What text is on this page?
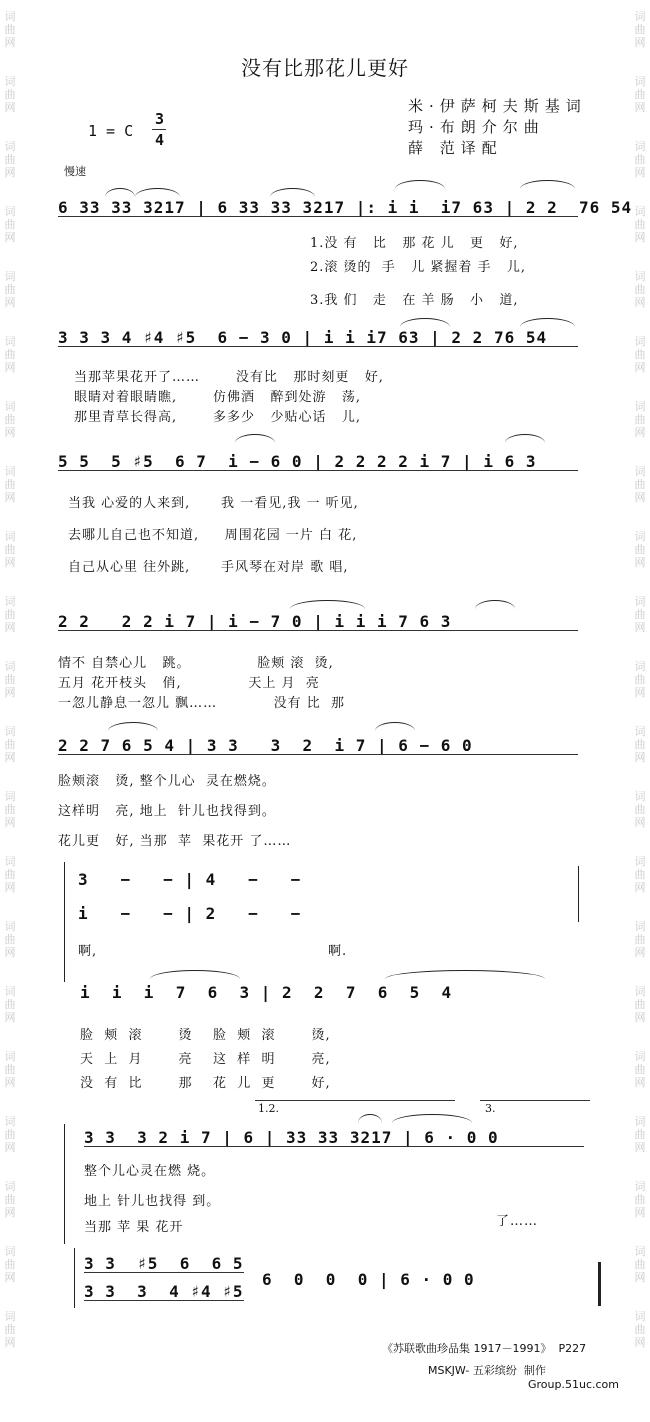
词曲网
词曲网
词曲网
词曲网
词曲网
词曲网
词曲网
词曲网
词曲网
词曲网
词曲网
词曲网
词曲网
词曲网
词曲网
词曲网
词曲网
词曲网
词曲网
词曲网
词曲网
词曲网
词曲网
词曲网
词曲网
词曲网
词曲网
词曲网
词曲网
词曲网
词曲网
词曲网
词曲网
词曲网
词曲网
词曲网
词曲网
词曲网
词曲网
词曲网
词曲网
词曲网
没有比那花儿更好
米·伊萨柯夫斯基词
玛·布朗介尔曲
薛 范译配
1 = C
3
4
慢速
6 33 33 3217 | 6 33 33 3217 |: i i  i7 63 | 2 2  76 54
1.没 有   比   那 花 儿   更   好,
2.滚 烫的  手   儿 紧握着 手   儿,
3.我 们   走   在 羊 肠   小   道,
3 3 3 4 ♯4 ♯5  6 − 3 0 | i i i7 63 | 2 2 76 54
当那苹果花开了……       没有比   那时刻更   好,
眼睛对着眼睛瞧,       仿佛酒   醉到处游   荡,
那里青草长得高,       多多少   少贴心话   儿,
5 5  5 ♯5  6 7  i − 6 0 | 2 2 2 2 i 7 | i 6 3
当我 心爱的人来到,      我 一看见,我 一 听见,
去哪儿自己也不知道,     周围花园 一片 白 花,
自己从心里 往外跳,      手风琴在对岸 歌 唱,
2 2   2 2 i 7 | i − 7 0 | i i i 7 6 3
情不 自禁心儿   跳。             脸颊 滚  烫,
五月 花开枝头   俏,             天上 月  亮
一忽儿静息一忽儿 飘……           没有 比  那
2 2 7 6 5 4 | 3 3   3  2  i 7 | 6 − 6 0
脸颊滚   烫, 整个儿心  灵在燃烧。
这样明   亮, 地上  针儿也找得到。
花儿更   好, 当那  苹  果花开 了……
3   −   − | 4   −   −
i   −   − | 2   −   −
啊,	啊.
i  i  i  7  6  3 | 2  2  7  6  5  4
脸  颊  滚       烫    脸  颊  滚       烫,
天  上  月       亮    这  样  明       亮,
没  有  比       那    花  儿  更       好,
1.2.	3.
3 3  3 2 i 7 | 6 | 33 33 3217 | 6 · 0 0
整个儿心灵在燃 烧。
地上 针儿也找得 到。
当那 苹 果 花开	了……
3 3  ♯5  6  6 5
3 3  3  4 ♯4 ♯5
6  0  0  0 | 6 · 0 0
《苏联歌曲珍品集 1917－1991》  P227
MSKJW- 五彩缤纷  制作
Group.51uc.com
